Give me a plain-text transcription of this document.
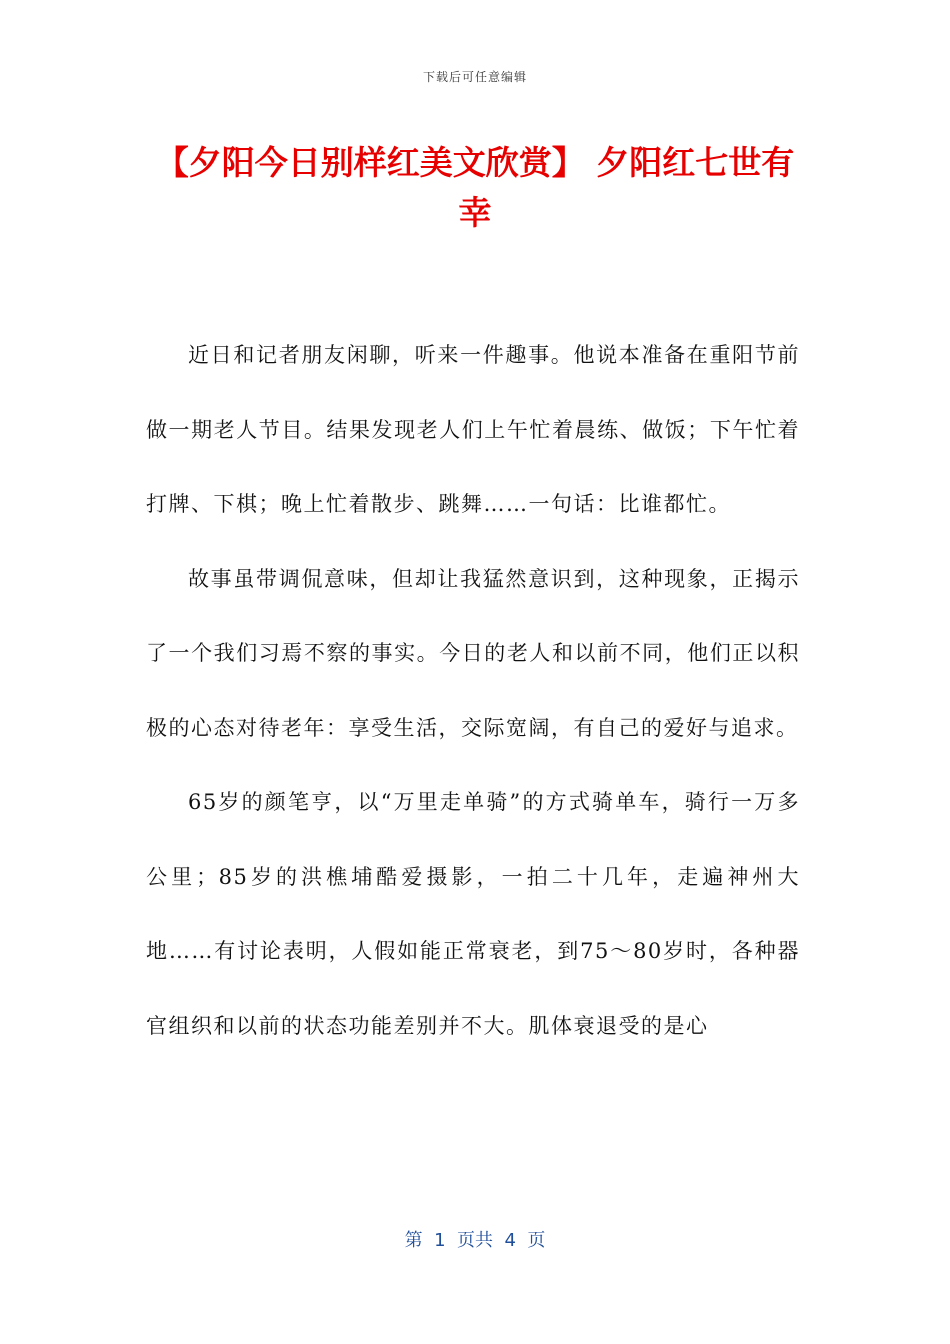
下载后可任意编辑
【夕阳今日别样红美文欣赏】 夕阳红七世有幸

近日和记者朋友闲聊，听来一件趣事。他说本准备在重阳节前做一期老人节目。结果发现老人们上午忙着晨练、做饭；下午忙着打牌、下棋；晚上忙着散步、跳舞……一句话：比谁都忙。

故事虽带调侃意味，但却让我猛然意识到，这种现象，正揭示了一个我们习焉不察的事实。今日的老人和以前不同，他们正以积极的心态对待老年：享受生活，交际宽阔，有自己的爱好与追求。

65岁的颜笔亨，以“万里走单骑”的方式骑单车，骑行一万多公里；85岁的洪樵埔酷爱摄影，一拍二十几年，走遍神州大地……有讨论表明，人假如能正常衰老，到75～80岁时，各种器官组织和以前的状态功能差别并不大。肌体衰退受的是心

第  1  页共  4  页
